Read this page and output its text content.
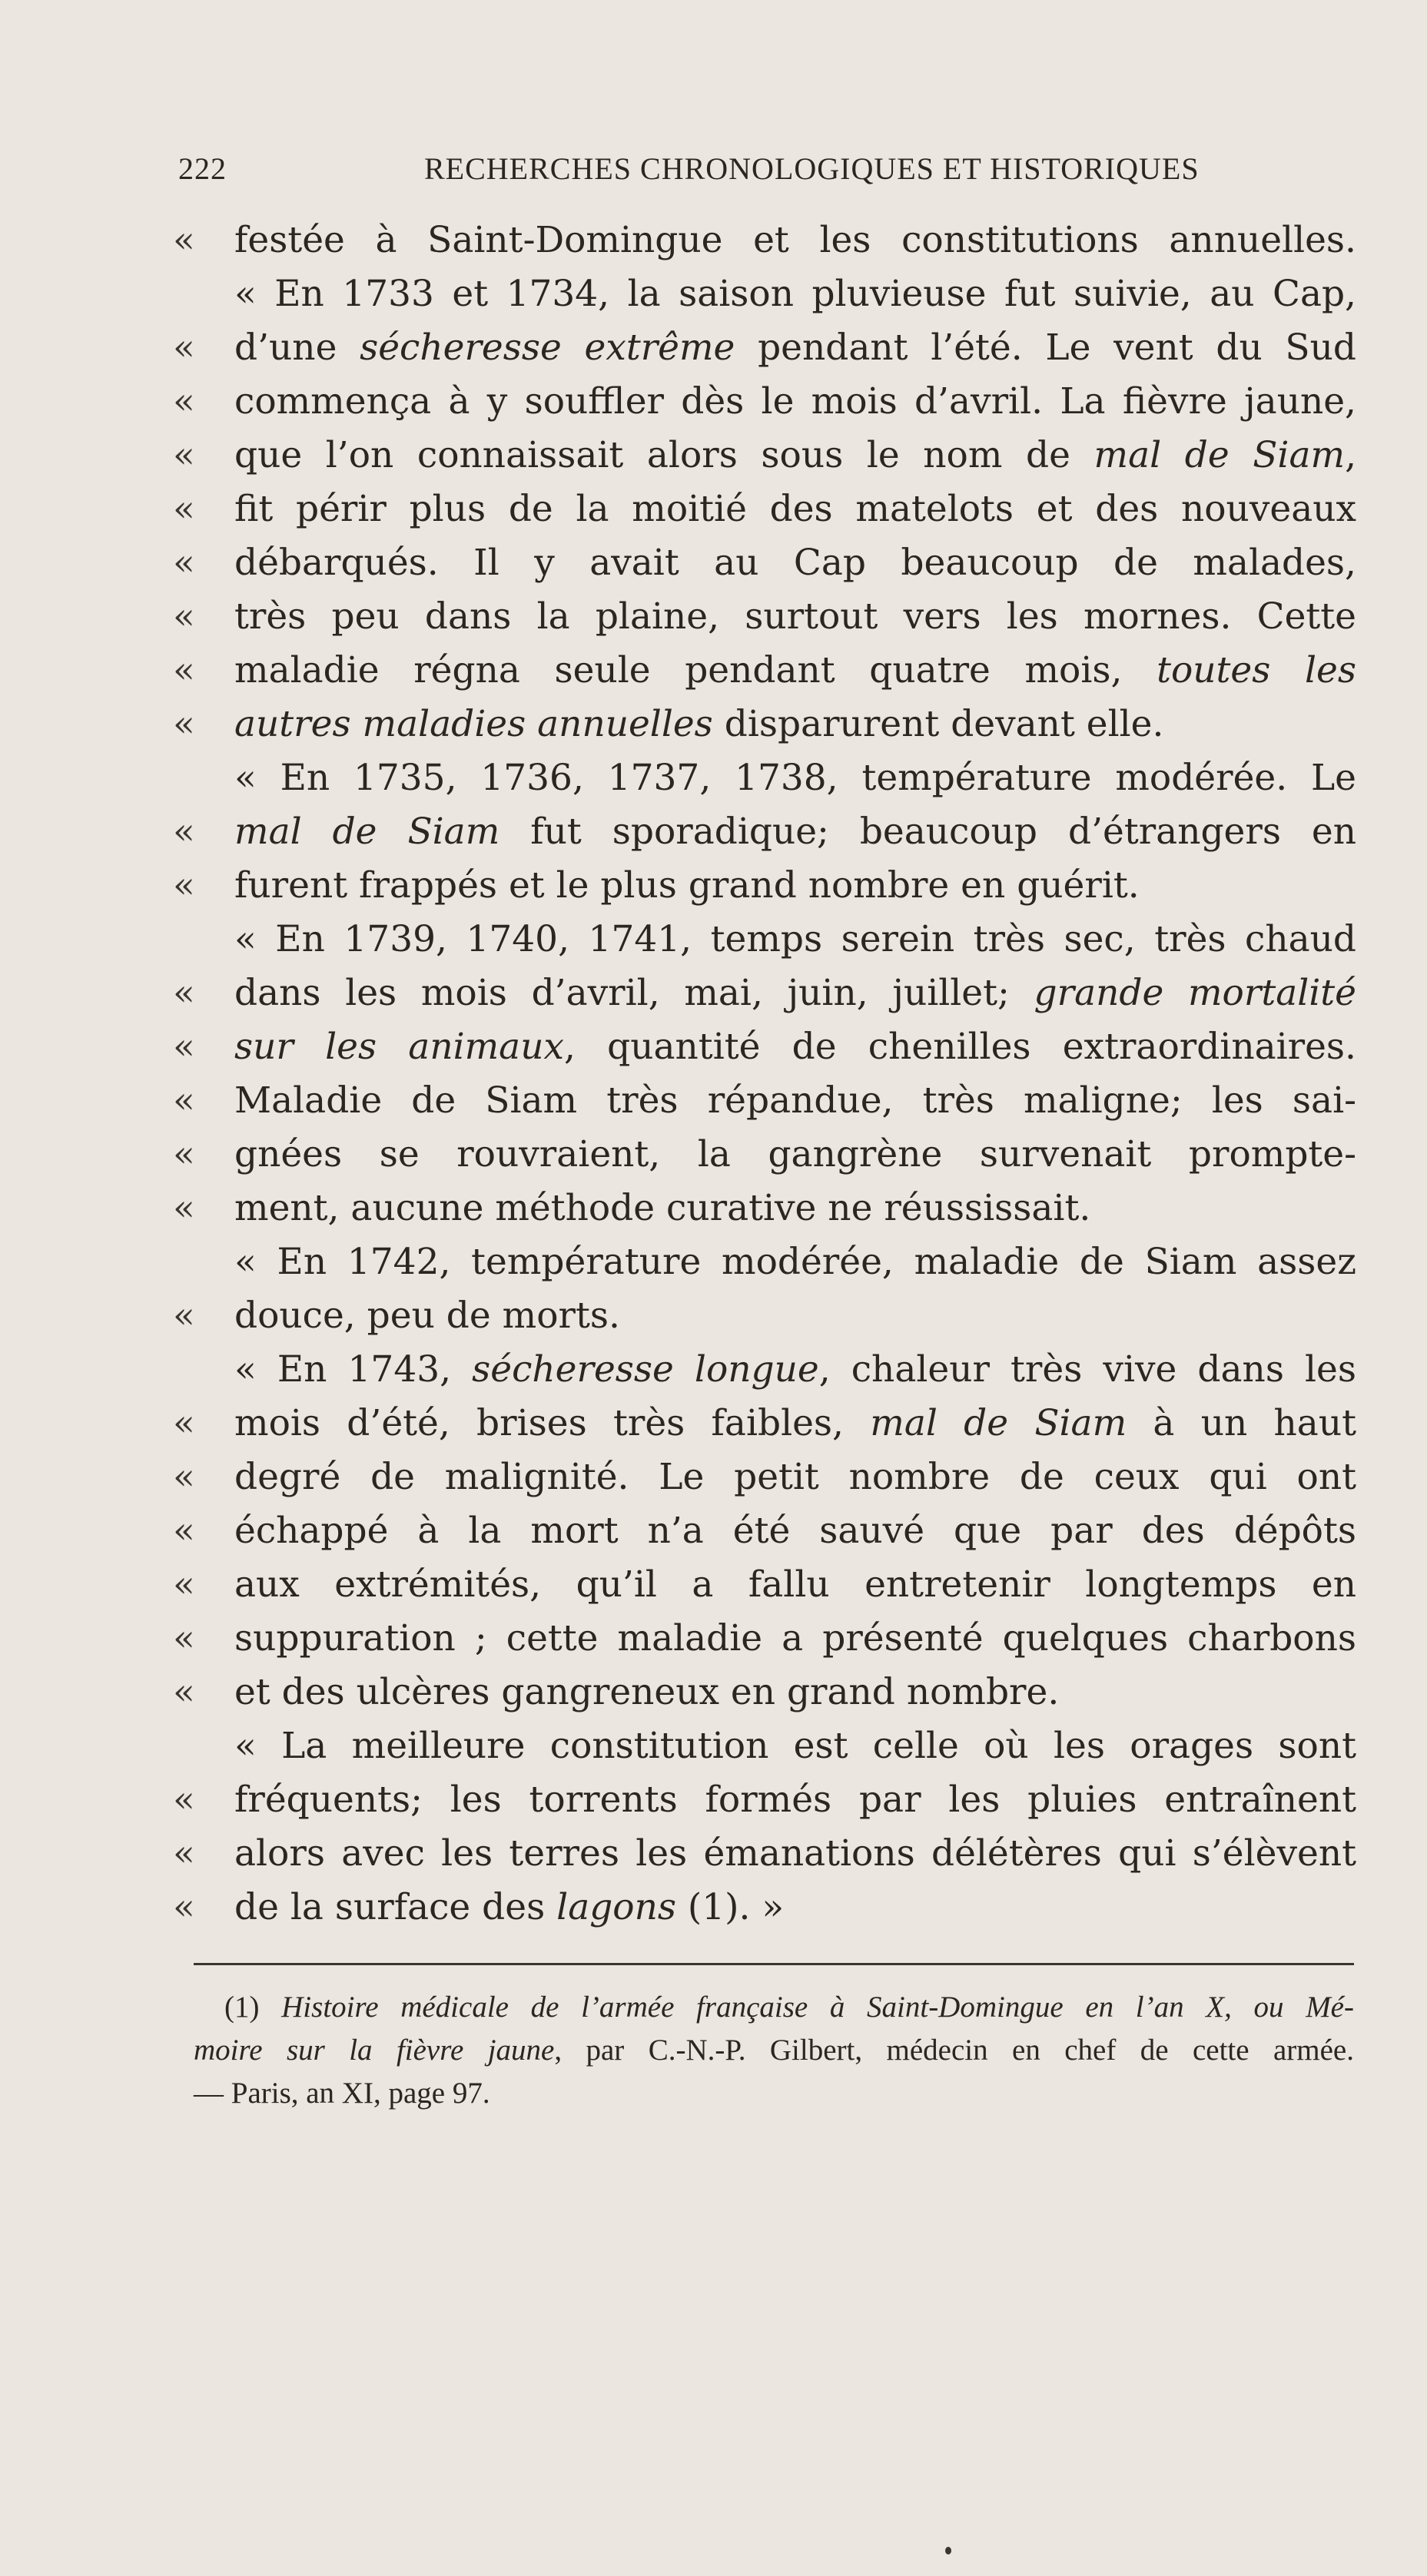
222	RECHERCHES CHRONOLOGIQUES ET HISTORIQUES
«	festée à Saint-Domingue et les constitutions annuelles.
« En 1733 et 1734, la saison pluvieuse fut suivie, au Cap,
«	d’une sécheresse extrême pendant l’été. Le vent du Sud
«	commença à y souffler dès le mois d’avril. La fièvre jaune,
«	que l’on connaissait alors sous le nom de mal de Siam,
«	fit périr plus de la moitié des matelots et des nouveaux
«	débarqués. Il y avait au Cap beaucoup de malades,
«	très peu dans la plaine, surtout vers les mornes. Cette
«	maladie régna seule pendant quatre mois, toutes les
«	autres maladies annuelles disparurent devant elle.
« En 1735, 1736, 1737, 1738, température modérée. Le
«	mal de Siam fut sporadique; beaucoup d’étrangers en
«	furent frappés et le plus grand nombre en guérit.
« En 1739, 1740, 1741, temps serein très sec, très chaud
«	dans les mois d’avril, mai, juin, juillet; grande mortalité
«	sur les animaux, quantité de chenilles extraordinaires.
«	Maladie de Siam très répandue, très maligne; les sai-
«	gnées se rouvraient, la gangrène survenait prompte-
«	ment, aucune méthode curative ne réussissait.
« En 1742, température modérée, maladie de Siam assez
«	douce, peu de morts.
« En 1743, sécheresse longue, chaleur très vive dans les
«	mois d’été, brises très faibles, mal de Siam à un haut
«	degré de malignité. Le petit nombre de ceux qui ont
«	échappé à la mort n’a été sauvé que par des dépôts
«	aux extrémités, qu’il a fallu entretenir longtemps en
«	suppuration ; cette maladie a présenté quelques charbons
«	et des ulcères gangreneux en grand nombre.
« La meilleure constitution est celle où les orages sont
«	fréquents; les torrents formés par les pluies entraînent
«	alors avec les terres les émanations délétères qui s’élèvent
«	de la surface des lagons (1). »
(1) Histoire médicale de l’armée française à Saint-Domingue en l’an X, ou Mé-
moire sur la fièvre jaune, par C.-N.-P. Gilbert, médecin en chef de cette armée.
— Paris, an XI, page 97.
